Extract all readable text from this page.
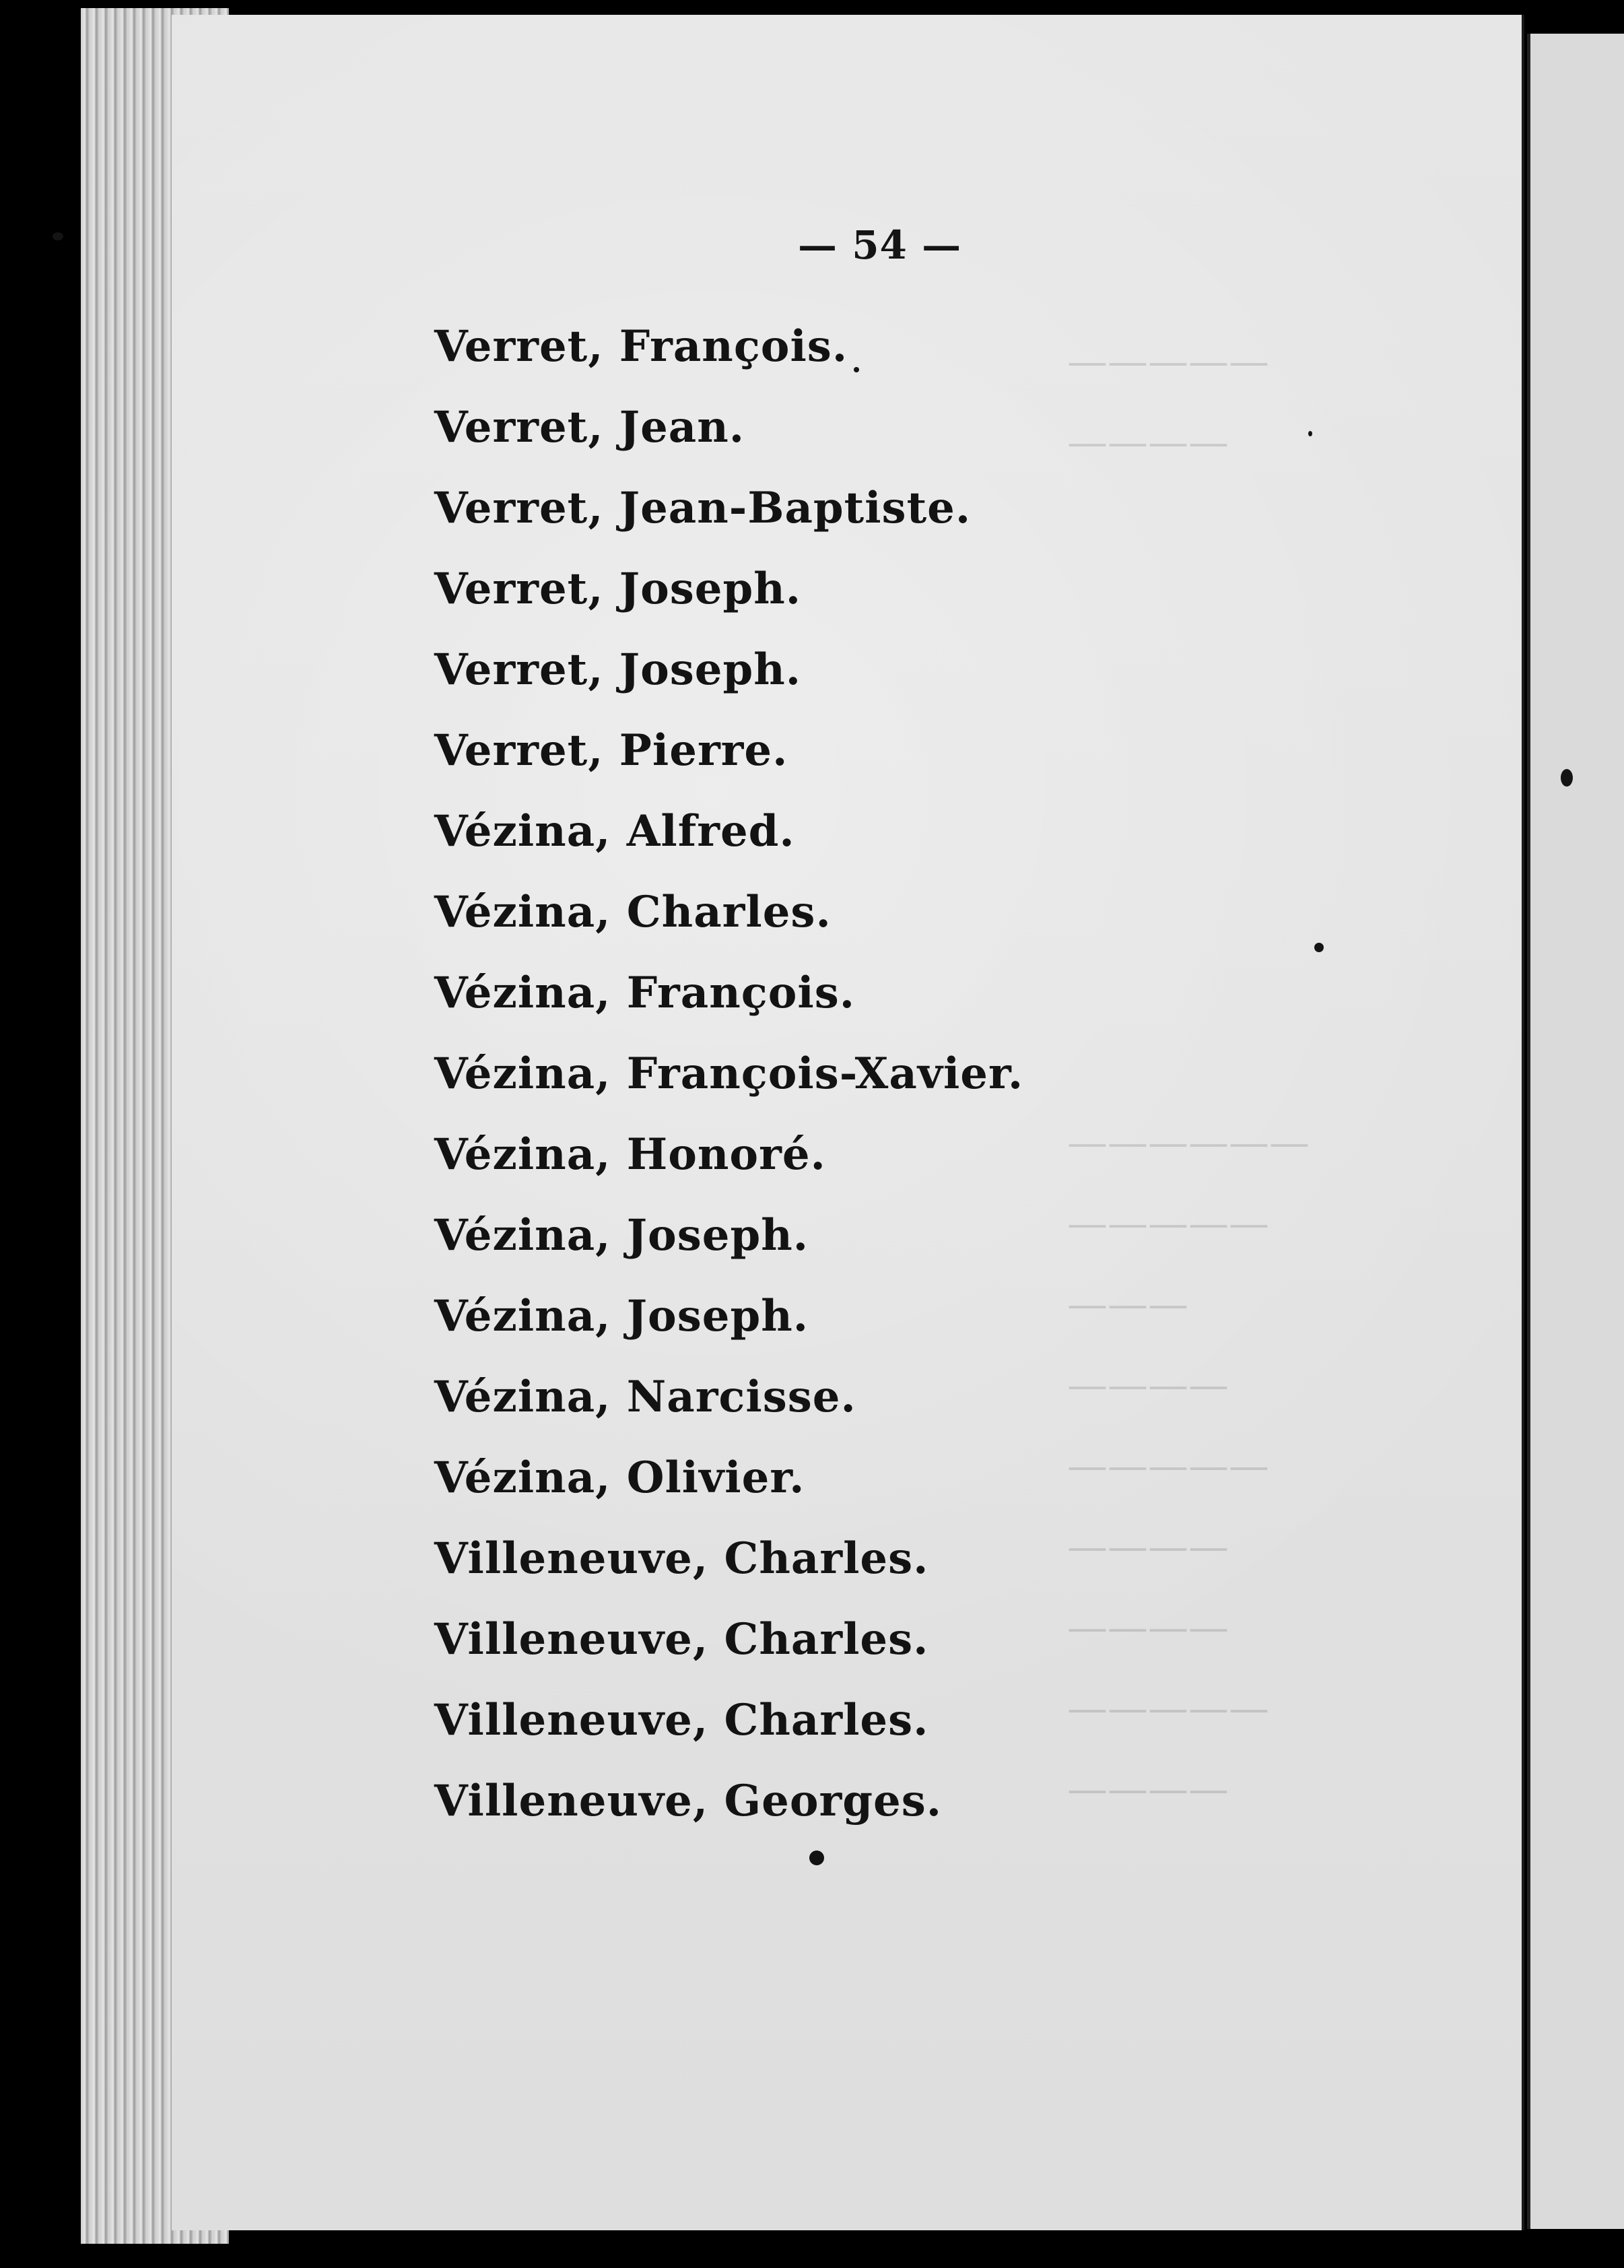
—————
————
——————
—————
———
————
—————
————
————
—————
————

— 54 —

Verret, François.
Verret, Jean.
Verret, Jean-Baptiste.
Verret, Joseph.
Verret, Joseph.
Verret, Pierre.
Vézina, Alfred.
Vézina, Charles.
Vézina, François.
Vézina, François-Xavier.
Vézina, Honoré.
Vézina, Joseph.
Vézina, Joseph.
Vézina, Narcisse.
Vézina, Olivier.
Villeneuve, Charles.
Villeneuve, Charles.
Villeneuve, Charles.
Villeneuve, Georges.
